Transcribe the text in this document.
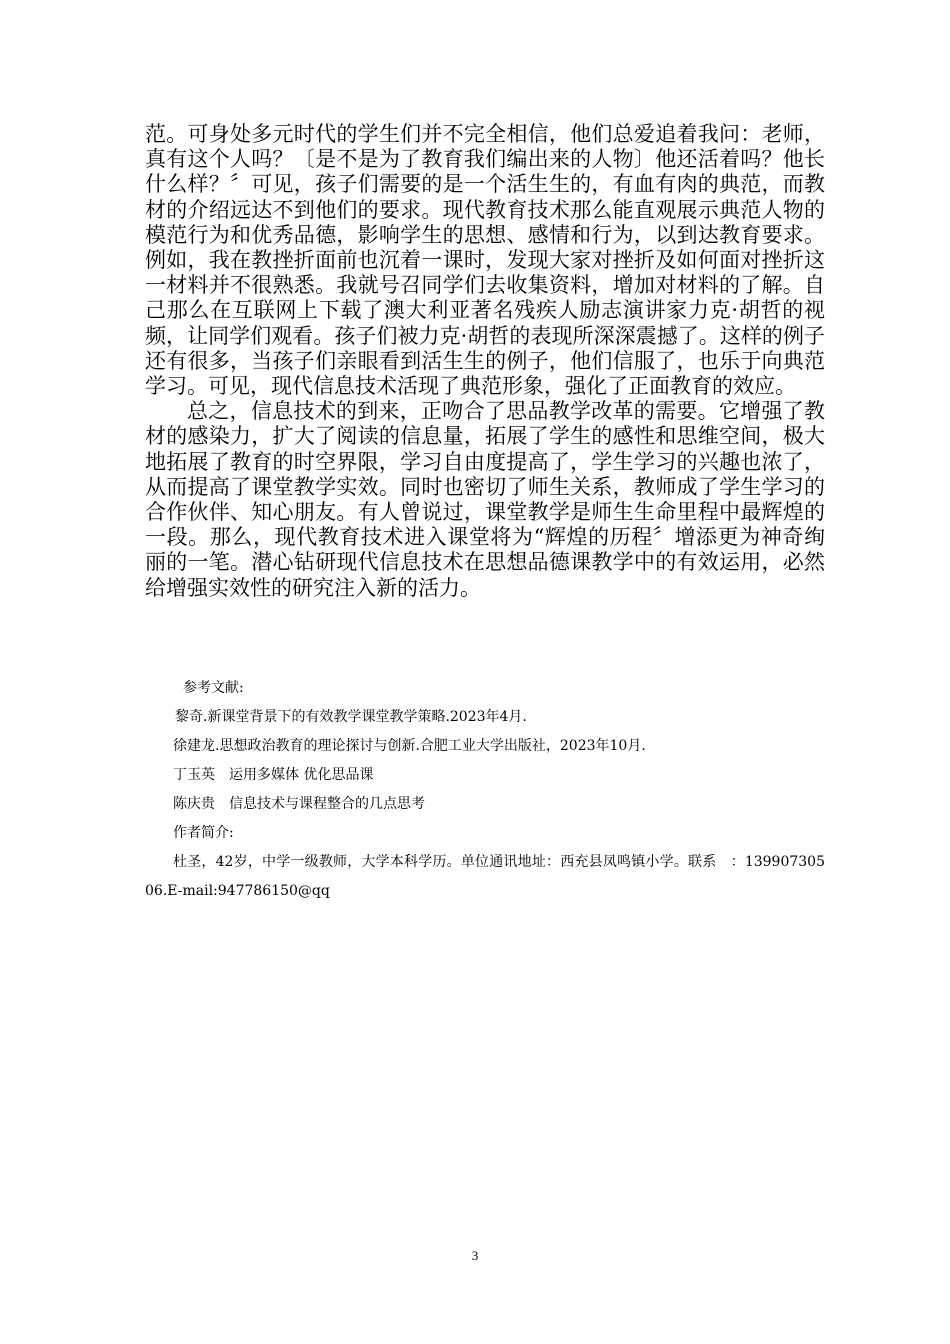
范。可身处多元时代的学生们并不完全相信，他们总爱追着我问：老师，真有这个人吗？〔是不是为了教育我们编出来的人物〕他还活着吗？他长什么样？〞可见，孩子们需要的是一个活生生的，有血有肉的典范，而教材的介绍远达不到他们的要求。现代教育技术那么能直观展示典范人物的模范行为和优秀品德，影响学生的思想、感情和行为，以到达教育要求。例如，我在教挫折面前也沉着一课时，发现大家对挫折及如何面对挫折这一材料并不很熟悉。我就号召同学们去收集资料，增加对材料的了解。自己那么在互联网上下载了澳大利亚著名残疾人励志演讲家力克·胡哲的视频，让同学们观看。孩子们被力克·胡哲的表现所深深震撼了。这样的例子还有很多，当孩子们亲眼看到活生生的例子，他们信服了，也乐于向典范学习。可见，现代信息技术活现了典范形象，强化了正面教育的效应。

总之，信息技术的到来，正吻合了思品教学改革的需要。它增强了教材的感染力，扩大了阅读的信息量，拓展了学生的感性和思维空间，极大地拓展了教育的时空界限，学习自由度提高了，学生学习的兴趣也浓了，从而提高了课堂教学实效。同时也密切了师生关系，教师成了学生学习的合作伙伴、知心朋友。有人曾说过，课堂教学是师生生命里程中最辉煌的一段。那么，现代教育技术进入课堂将为“辉煌的历程〞增添更为神奇绚丽的一笔。潜心钻研现代信息技术在思想品德课教学中的有效运用，必然给增强实效性的研究注入新的活力。

参考文献:

黎奇.新课堂背景下的有效教学课堂教学策略.2023年4月.

徐建龙.思想政治教育的理论探讨与创新.合肥工业大学出版社，2023年10月.

丁玉英　运用多媒体 优化思品课

陈庆贵　信息技术与课程整合的几点思考

作者简介:

杜圣，42岁，中学一级教师，大学本科学历。单位通讯地址：西充县凤鸣镇小学。联系　：13990730506.E-mail:947786150@qq

3
